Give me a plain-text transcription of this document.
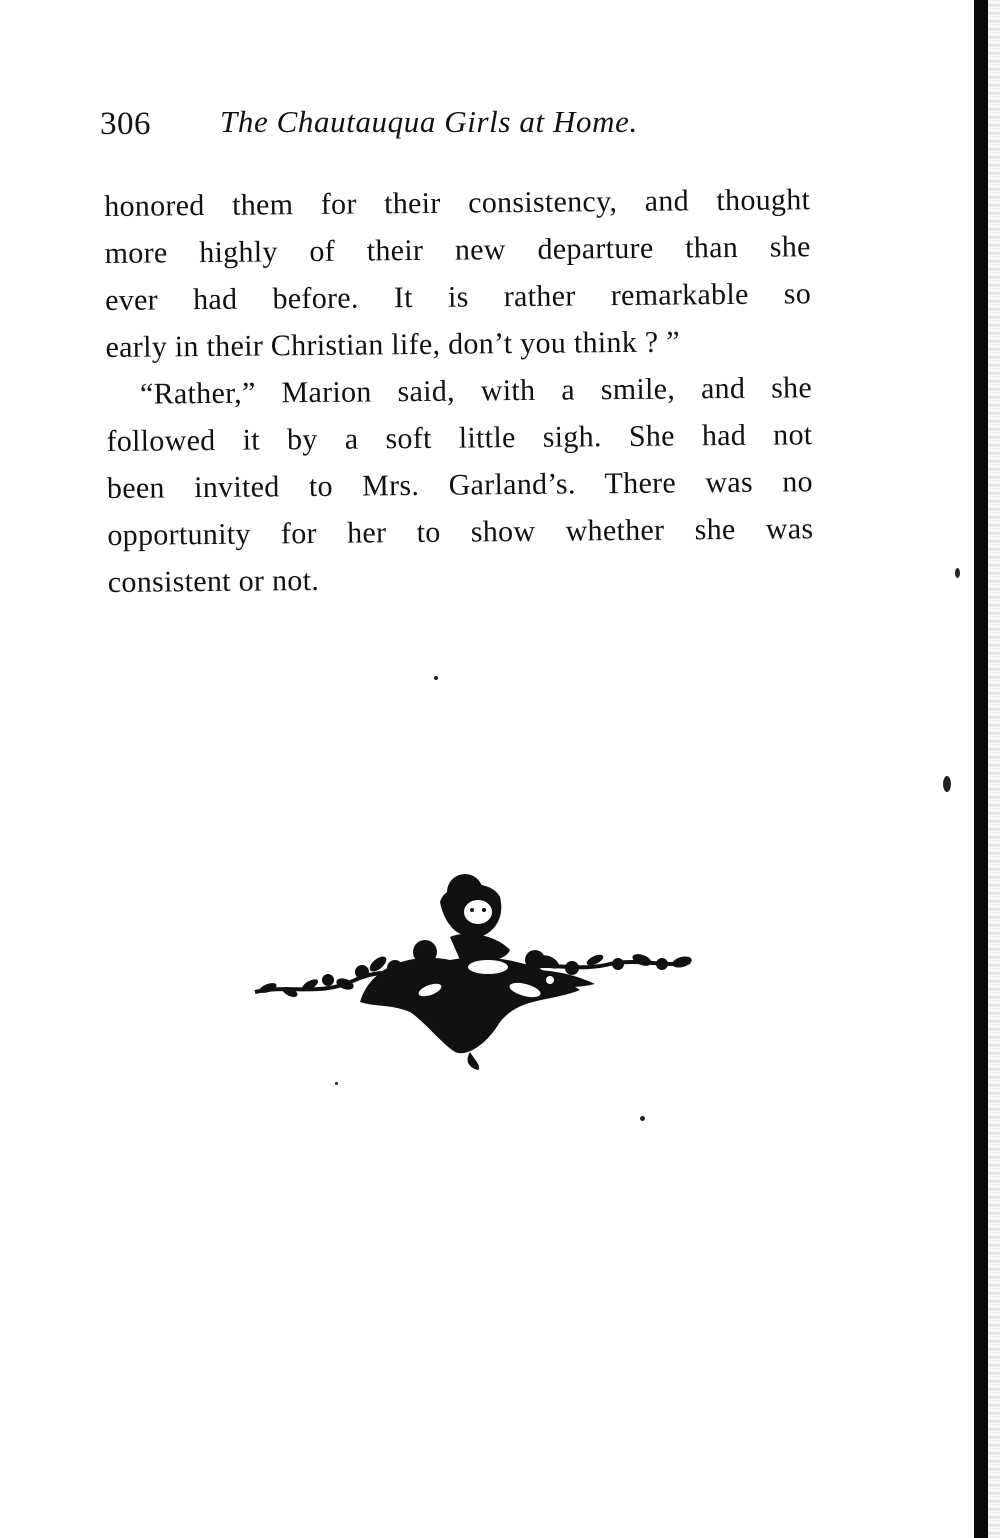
306 The Chautauqua Girls at Home.
honored them for their consistency, and thought
more highly of their new departure than she
ever had before. It is rather remarkable so
early in their Christian life, don’t you think ? ”
“Rather,” Marion said, with a smile, and she
followed it by a soft little sigh. She had not
been invited to Mrs. Garland’s. There was no
opportunity for her to show whether she was
consistent or not.
